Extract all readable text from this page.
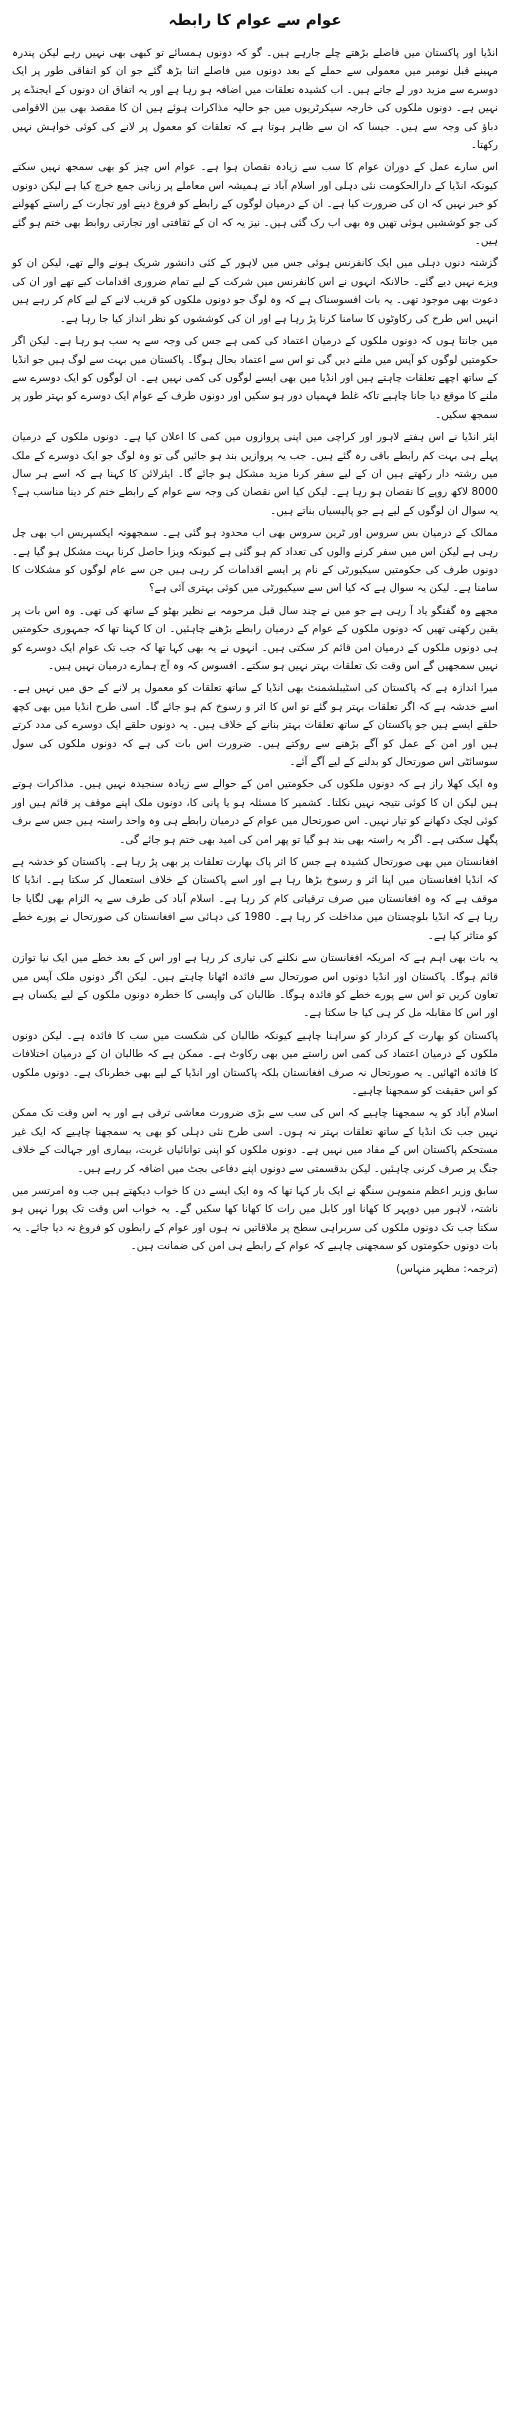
عوام سے عوام کا رابطہ

انڈیا اور پاکستان میں فاصلے بڑھتے چلے جارہے ہیں۔ گو کہ دونوں ہمسائے تو کبھی بھی نہیں رہے لیکن پندرہ مہینے قبل نومبر میں معمولی سے حملے کے بعد دونوں میں فاصلے اتنا بڑھ گئے جو ان کو اتفاقی طور پر ایک دوسرے سے مزید دور لے جاتے ہیں۔ اب کشیدہ تعلقات میں اضافہ ہو رہا ہے اور یہ اتفاق ان دونوں کے ایجنڈے پر نہیں ہے۔ دونوں ملکوں کی خارجہ سیکرٹریوں میں جو حالیہ مذاکرات ہوئے ہیں ان کا مقصد بھی بین الاقوامی دباؤ کی وجہ سے ہیں۔ جیسا کہ ان سے ظاہر ہوتا ہے کہ تعلقات کو معمول پر لانے کی کوئی خواہش نہیں رکھتا۔

اس سارے عمل کے دوران عوام کا سب سے زیادہ نقصان ہوا ہے۔ عوام اس چیز کو بھی سمجھ نہیں سکتے کیونکہ انڈیا کے دارالحکومت نئی دہلی اور اسلام آباد نے ہمیشہ اس معاملے پر زبانی جمع خرچ کیا ہے لیکن دونوں کو خبر نہیں کہ ان کی ضرورت کیا ہے۔ ان کے درمیان لوگوں کے رابطے کو فروغ دینے اور تجارت کے راستے کھولنے کی جو کوششیں ہوئی تھیں وہ بھی اب رک گئی ہیں۔ نیز یہ کہ ان کے ثقافتی اور تجارتی روابط بھی ختم ہو گئے ہیں۔

گزشتہ دنوں دہلی میں ایک کانفرنس ہوئی جس میں لاہور کے کئی دانشور شریک ہونے والے تھے، لیکن ان کو ویزے نہیں دیے گئے۔ حالانکہ انہوں نے اس کانفرنس میں شرکت کے لیے تمام ضروری اقدامات کیے تھے اور ان کی دعوت بھی موجود تھی۔ یہ بات افسوسناک ہے کہ وہ لوگ جو دونوں ملکوں کو قریب لانے کے لیے کام کر رہے ہیں انہیں اس طرح کی رکاوٹوں کا سامنا کرنا پڑ رہا ہے اور ان کی کوششوں کو نظر انداز کیا جا رہا ہے۔

میں جانتا ہوں کہ دونوں ملکوں کے درمیان اعتماد کی کمی ہے جس کی وجہ سے یہ سب ہو رہا ہے۔ لیکن اگر حکومتیں لوگوں کو آپس میں ملنے دیں گی تو اس سے اعتماد بحال ہوگا۔ پاکستان میں بہت سے لوگ ہیں جو انڈیا کے ساتھ اچھے تعلقات چاہتے ہیں اور انڈیا میں بھی ایسے لوگوں کی کمی نہیں ہے۔ ان لوگوں کو ایک دوسرے سے ملنے کا موقع دیا جانا چاہیے تاکہ غلط فہمیاں دور ہو سکیں اور دونوں طرف کے عوام ایک دوسرے کو بہتر طور پر سمجھ سکیں۔

ایئر انڈیا نے اس ہفتے لاہور اور کراچی میں اپنی پروازوں میں کمی کا اعلان کیا ہے۔ دونوں ملکوں کے درمیان پہلے ہی بہت کم رابطے باقی رہ گئے ہیں۔ جب یہ پروازیں بند ہو جائیں گی تو وہ لوگ جو ایک دوسرے کے ملک میں رشتہ دار رکھتے ہیں ان کے لیے سفر کرنا مزید مشکل ہو جائے گا۔ ایئرلائن کا کہنا ہے کہ اسے ہر سال 8000 لاکھ روپے کا نقصان ہو رہا ہے۔ لیکن کیا اس نقصان کی وجہ سے عوام کے رابطے ختم کر دینا مناسب ہے؟ یہ سوال ان لوگوں کے لیے ہے جو پالیسیاں بناتے ہیں۔

ممالک کے درمیان بس سروس اور ٹرین سروس بھی اب محدود ہو گئی ہے۔ سمجھوتہ ایکسپریس اب بھی چل رہی ہے لیکن اس میں سفر کرنے والوں کی تعداد کم ہو گئی ہے کیونکہ ویزا حاصل کرنا بہت مشکل ہو گیا ہے۔ دونوں طرف کی حکومتیں سیکیورٹی کے نام پر ایسے اقدامات کر رہی ہیں جن سے عام لوگوں کو مشکلات کا سامنا ہے۔ لیکن یہ سوال ہے کہ کیا اس سے سیکیورٹی میں کوئی بہتری آئی ہے؟

مجھے وہ گفتگو یاد آ رہی ہے جو میں نے چند سال قبل مرحومہ بے نظیر بھٹو کے ساتھ کی تھی۔ وہ اس بات پر یقین رکھتی تھیں کہ دونوں ملکوں کے عوام کے درمیان رابطے بڑھنے چاہئیں۔ ان کا کہنا تھا کہ جمہوری حکومتیں ہی دونوں ملکوں کے درمیان امن قائم کر سکتی ہیں۔ انہوں نے یہ بھی کہا تھا کہ جب تک عوام ایک دوسرے کو نہیں سمجھیں گے اس وقت تک تعلقات بہتر نہیں ہو سکتے۔ افسوس کہ وہ آج ہمارے درمیان نہیں ہیں۔

میرا اندازہ ہے کہ پاکستان کی اسٹیبلشمنٹ بھی انڈیا کے ساتھ تعلقات کو معمول پر لانے کے حق میں نہیں ہے۔ اسے خدشہ ہے کہ اگر تعلقات بہتر ہو گئے تو اس کا اثر و رسوخ کم ہو جائے گا۔ اسی طرح انڈیا میں بھی کچھ حلقے ایسے ہیں جو پاکستان کے ساتھ تعلقات بہتر بنانے کے خلاف ہیں۔ یہ دونوں حلقے ایک دوسرے کی مدد کرتے ہیں اور امن کے عمل کو آگے بڑھنے سے روکتے ہیں۔ ضرورت اس بات کی ہے کہ دونوں ملکوں کی سول سوسائٹی اس صورتحال کو بدلنے کے لیے آگے آئے۔

وہ ایک کھلا راز ہے کہ دونوں ملکوں کی حکومتیں امن کے حوالے سے زیادہ سنجیدہ نہیں ہیں۔ مذاکرات ہوتے ہیں لیکن ان کا کوئی نتیجہ نہیں نکلتا۔ کشمیر کا مسئلہ ہو یا پانی کا، دونوں ملک اپنے موقف پر قائم ہیں اور کوئی لچک دکھانے کو تیار نہیں۔ اس صورتحال میں عوام کے درمیان رابطے ہی وہ واحد راستہ ہیں جس سے برف پگھل سکتی ہے۔ اگر یہ راستہ بھی بند ہو گیا تو پھر امن کی امید بھی ختم ہو جائے گی۔

افغانستان میں بھی صورتحال کشیدہ ہے جس کا اثر پاک بھارت تعلقات پر بھی پڑ رہا ہے۔ پاکستان کو خدشہ ہے کہ انڈیا افغانستان میں اپنا اثر و رسوخ بڑھا رہا ہے اور اسے پاکستان کے خلاف استعمال کر سکتا ہے۔ انڈیا کا موقف ہے کہ وہ افغانستان میں صرف ترقیاتی کام کر رہا ہے۔ اسلام آباد کی طرف سے یہ الزام بھی لگایا جا رہا ہے کہ انڈیا بلوچستان میں مداخلت کر رہا ہے۔ 1980 کی دہائی سے افغانستان کی صورتحال نے پورے خطے کو متاثر کیا ہے۔

یہ بات بھی اہم ہے کہ امریکہ افغانستان سے نکلنے کی تیاری کر رہا ہے اور اس کے بعد خطے میں ایک نیا توازن قائم ہوگا۔ پاکستان اور انڈیا دونوں اس صورتحال سے فائدہ اٹھانا چاہتے ہیں۔ لیکن اگر دونوں ملک آپس میں تعاون کریں تو اس سے پورے خطے کو فائدہ ہوگا۔ طالبان کی واپسی کا خطرہ دونوں ملکوں کے لیے یکساں ہے اور اس کا مقابلہ مل کر ہی کیا جا سکتا ہے۔

پاکستان کو بھارت کے کردار کو سراہنا چاہیے کیونکہ طالبان کی شکست میں سب کا فائدہ ہے۔ لیکن دونوں ملکوں کے درمیان اعتماد کی کمی اس راستے میں بھی رکاوٹ ہے۔ ممکن ہے کہ طالبان ان کے درمیان اختلافات کا فائدہ اٹھائیں۔ یہ صورتحال نہ صرف افغانستان بلکہ پاکستان اور انڈیا کے لیے بھی خطرناک ہے۔ دونوں ملکوں کو اس حقیقت کو سمجھنا چاہیے۔

اسلام آباد کو یہ سمجھنا چاہیے کہ اس کی سب سے بڑی ضرورت معاشی ترقی ہے اور یہ اس وقت تک ممکن نہیں جب تک انڈیا کے ساتھ تعلقات بہتر نہ ہوں۔ اسی طرح نئی دہلی کو بھی یہ سمجھنا چاہیے کہ ایک غیر مستحکم پاکستان اس کے مفاد میں نہیں ہے۔ دونوں ملکوں کو اپنی توانائیاں غربت، بیماری اور جہالت کے خلاف جنگ پر صرف کرنی چاہئیں۔ لیکن بدقسمتی سے دونوں اپنے دفاعی بجٹ میں اضافہ کر رہے ہیں۔

سابق وزیر اعظم منموہن سنگھ نے ایک بار کہا تھا کہ وہ ایک ایسے دن کا خواب دیکھتے ہیں جب وہ امرتسر میں ناشتہ، لاہور میں دوپہر کا کھانا اور کابل میں رات کا کھانا کھا سکیں گے۔ یہ خواب اس وقت تک پورا نہیں ہو سکتا جب تک دونوں ملکوں کی سربراہی سطح پر ملاقاتیں نہ ہوں اور عوام کے رابطوں کو فروغ نہ دیا جائے۔ یہ بات دونوں حکومتوں کو سمجھنی چاہیے کہ عوام کے رابطے ہی امن کی ضمانت ہیں۔

(ترجمہ: مظہر منہاس)
